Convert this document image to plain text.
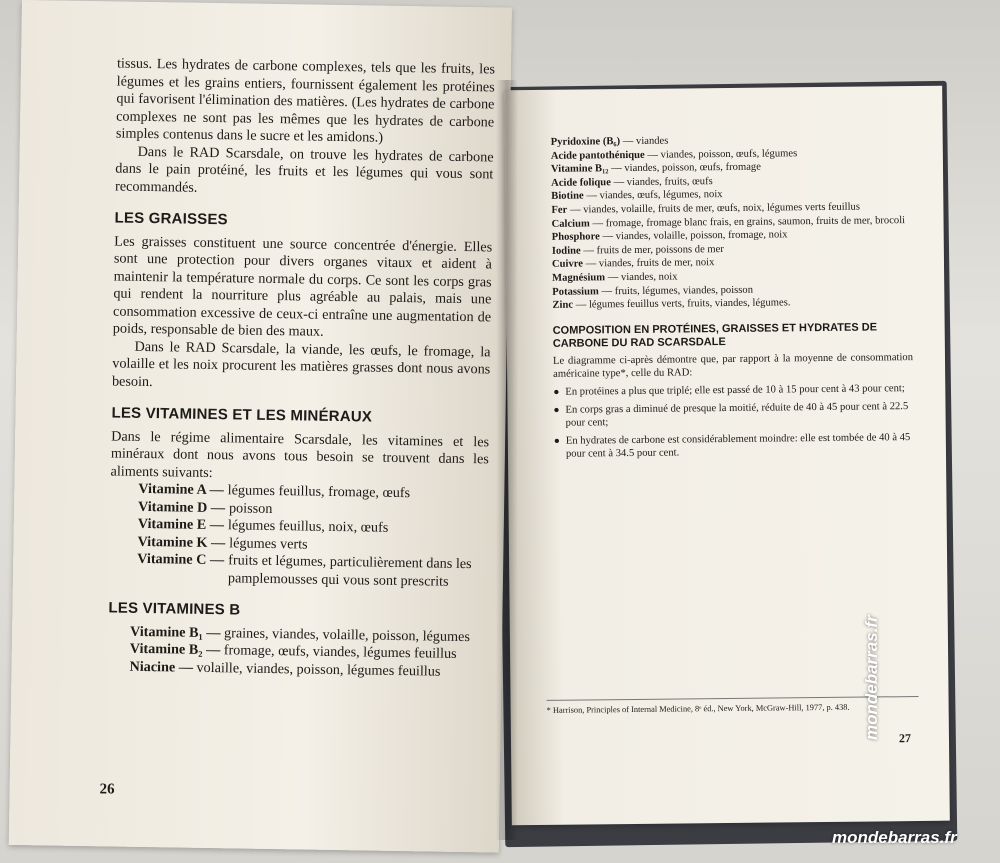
tissus. Les hydrates de carbone complexes, tels que les fruits, les légumes et les grains entiers, fournissent également les protéines qui favorisent l'élimination des matières. (Les hydrates de carbone complexes ne sont pas les mêmes que les hydrates de carbone simples contenus dans le sucre et les amidons.)

Dans le RAD Scarsdale, on trouve les hydrates de carbone dans le pain protéiné, les fruits et les légumes qui vous sont recommandés.

LES GRAISSES

Les graisses constituent une source concentrée d'énergie. Elles sont une protection pour divers organes vitaux et aident à maintenir la température normale du corps. Ce sont les corps gras qui rendent la nourriture plus agréable au palais, mais une consommation excessive de ceux-ci entraîne une augmentation de poids, responsable de bien des maux.

Dans le RAD Scarsdale, la viande, les œufs, le fromage, la volaille et les noix procurent les matières grasses dont nous avons besoin.

LES VITAMINES ET LES MINÉRAUX

Dans le régime alimentaire Scarsdale, les vitamines et les minéraux dont nous avons tous besoin se trouvent dans les aliments suivants:

Vitamine A — légumes feuillus, fromage, œufs
Vitamine D — poisson
Vitamine E — légumes feuillus, noix, œufs
Vitamine K — légumes verts
Vitamine C — fruits et légumes, particulièrement dans les pamplemousses qui vous sont prescrits
LES VITAMINES B
Vitamine B₁ —
graines, viandes, volaille, poisson, légumes
Vitamine B₂ —
fromage, œufs, viandes, légumes feuillus
Niacine —
volaille, viandes, poisson, légumes feuillus
26
Pyridoxine (B₆) — viandes
Acide pantothénique — viandes, poisson, œufs, légumes
Vitamine B₁₂ — viandes, poisson, œufs, fromage
Acide folique — viandes, fruits, œufs
Biotine — viandes, œufs, légumes, noix
Fer — viandes, volaille, fruits de mer, œufs, noix, légumes verts feuillus
Calcium — fromage, fromage blanc frais, en grains, saumon, fruits de mer, brocoli
Phosphore — viandes, volaille, poisson, fromage, noix
Iodine — fruits de mer, poissons de mer
Cuivre — viandes, fruits de mer, noix
Magnésium — viandes, noix
Potassium — fruits, légumes, viandes, poisson
Zinc — légumes feuillus verts, fruits, viandes, légumes.
COMPOSITION EN PROTÉINES, GRAISSES ET HYDRATES DE CARBONE DU RAD SCARSDALE

Le diagramme ci-après démontre que, par rapport à la moyenne de consommation américaine type*, celle du RAD:

● En protéines a plus que triplé; elle est passé de 10 à 15 pour cent à 43 pour cent;
● En corps gras a diminué de presque la moitié, réduite de 40 à 45 pour cent à 22.5 pour cent;
● En hydrates de carbone est considérablement moindre: elle est tombée de 40 à 45 pour cent à 34.5 pour cent.
* Harrison, Principles of Internal Medicine, 8ᵉ éd., New York, McGraw-Hill, 1977, p. 438.
27
mondebarras.fr
mondebarras.fr
